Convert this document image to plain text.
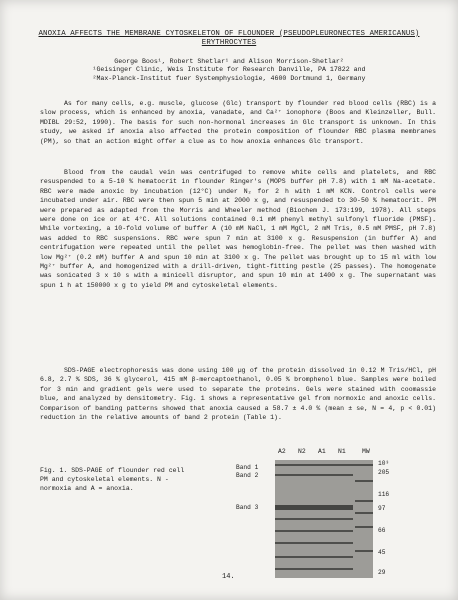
ANOXIA AFFECTS THE MEMBRANE CYTOSKELETON OF FLOUNDER (PSEUDOPLEURONECTES AMERICANUS) ERYTHROCYTES
George Boos¹, Robert Shetlar¹ and Alison Morrison-Shetlar²
¹Geisinger Clinic, Weis Institute for Research Danville, PA 17822 and
²Max-Planck-Institut fuer Systemphysiologie, 4600 Dortmund 1, Germany
As for many cells, e.g. muscle, glucose (Glc) transport by flounder red blood cells (RBC) is a slow process, which is enhanced by anoxia, vanadate, and Ca²⁺ ionophore (Boos and Kleinzeller, Bull. MDIBL 29:52, 1990). The basis for such non-hormonal increases in Glc transport is unknown. In this study, we asked if anoxia also affected the protein composition of flounder RBC plasma membranes (PM), so that an action might offer a clue as to how anoxia enhances Glc transport.
Blood from the caudal vein was centrifuged to remove white cells and platelets, and RBC resuspended to a 5-10 % hematocrit in flounder Ringer's (MOPS buffer pH 7.8) with 1 mM Na-acetate. RBC were made anoxic by incubation (12°C) under N₂ for 2 h with 1 mM KCN. Control cells were incubated under air. RBC were then spun 5 min at 2000 x g, and resuspended to 30-50 % hematocrit. PM were prepared as adapted from the Morris and Wheeler method (Biochem J. 173:199, 1978). All steps were done on ice or at 4°C. All solutions contained 0.1 mM phenyl methyl sulfonyl fluoride (PMSF). While vortexing, a 10-fold volume of buffer A (10 mM NaCl, 1 mM MgCl, 2 mM Tris, 0.5 mM PMSF, pH 7.8) was added to RBC suspensions. RBC were spun 7 min at 3100 x g. Resuspension (in buffer A) and centrifugation were repeated until the pellet was hemoglobin-free. The pellet was then washed with low Mg²⁺ (0.2 mM) buffer A and spun 10 min at 3100 x g. The pellet was brought up to 15 ml with low Mg²⁺ buffer A, and homogenized with a drill-driven, tight-fitting pestle (25 passes). The homogenate was sonicated 3 x 10 s with a minicell disruptor, and spun 10 min at 1400 x g. The supernatant was spun 1 h at 150000 x g to yield PM and cytoskeletal elements.
SDS-PAGE electrophoresis was done using 100 µg of the protein dissolved in 0.12 M Tris/HCl, pH 6.8, 2.7 % SDS, 36 % glycerol, 415 mM β-mercaptoethanol, 0.05 % bromphenol blue. Samples were boiled for 3 min and gradient gels were used to separate the proteins. Gels were stained with coomassie blue, and analyzed by densitometry. Fig. 1 shows a representative gel from normoxic and anoxic cells. Comparison of banding patterns showed that anoxia caused a 58.7 ± 4.0 % (mean ± se, N = 4, p < 0.01) reduction in the relative amounts of band 2 protein (Table 1).
Fig. 1. SDS-PAGE of flounder red cell PM and cytoskeletal elements. N - normoxia and A = anoxia.
A2 N2 A1 N1	MW
Band 1
Band 2
Band 3
10³
205
116
97
66
45
29
14.
